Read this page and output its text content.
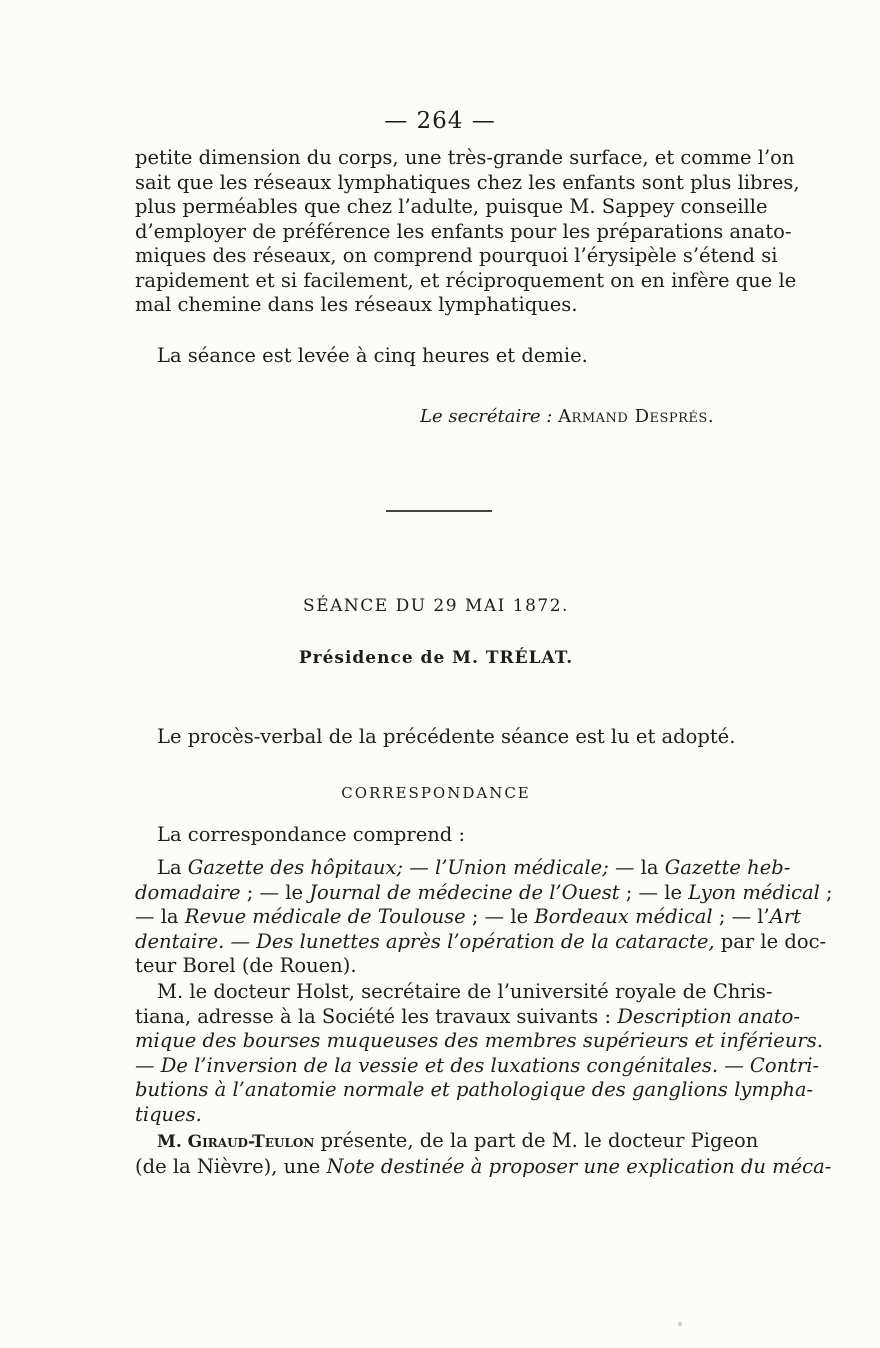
— 264 —
petite dimension du corps, une très-grande surface, et comme l’on
sait que les réseaux lymphatiques chez les enfants sont plus libres,
plus perméables que chez l’adulte, puisque M. Sappey conseille
d’employer de préférence les enfants pour les préparations anato-
miques des réseaux, on comprend pourquoi l’érysipèle s’étend si
rapidement et si facilement, et réciproquement on en infère que le
mal chemine dans les réseaux lymphatiques.
La séance est levée à cinq heures et demie.
Le secrétaire : Armand Després.
SÉANCE DU 29 MAI 1872.
Présidence de M. TRÉLAT.
Le procès-verbal de la précédente séance est lu et adopté.
CORRESPONDANCE
La correspondance comprend :
La Gazette des hôpitaux; — l’Union médicale; — la Gazette heb-
domadaire ; — le Journal de médecine de l’Ouest ; — le Lyon médical ;
— la Revue médicale de Toulouse ; — le Bordeaux médical ; — l’Art
dentaire. — Des lunettes après l’opération de la cataracte, par le doc-
teur Borel (de Rouen).
M. le docteur Holst, secrétaire de l’université royale de Chris-
tiana, adresse à la Société les travaux suivants : Description anato-
mique des bourses muqueuses des membres supérieurs et inférieurs.
— De l’inversion de la vessie et des luxations congénitales. — Contri-
butions à l’anatomie normale et pathologique des ganglions lympha-
tiques.
M. Giraud-Teulon présente, de la part de M. le docteur Pigeon
(de la Nièvre), une Note destinée à proposer une explication du méca-
